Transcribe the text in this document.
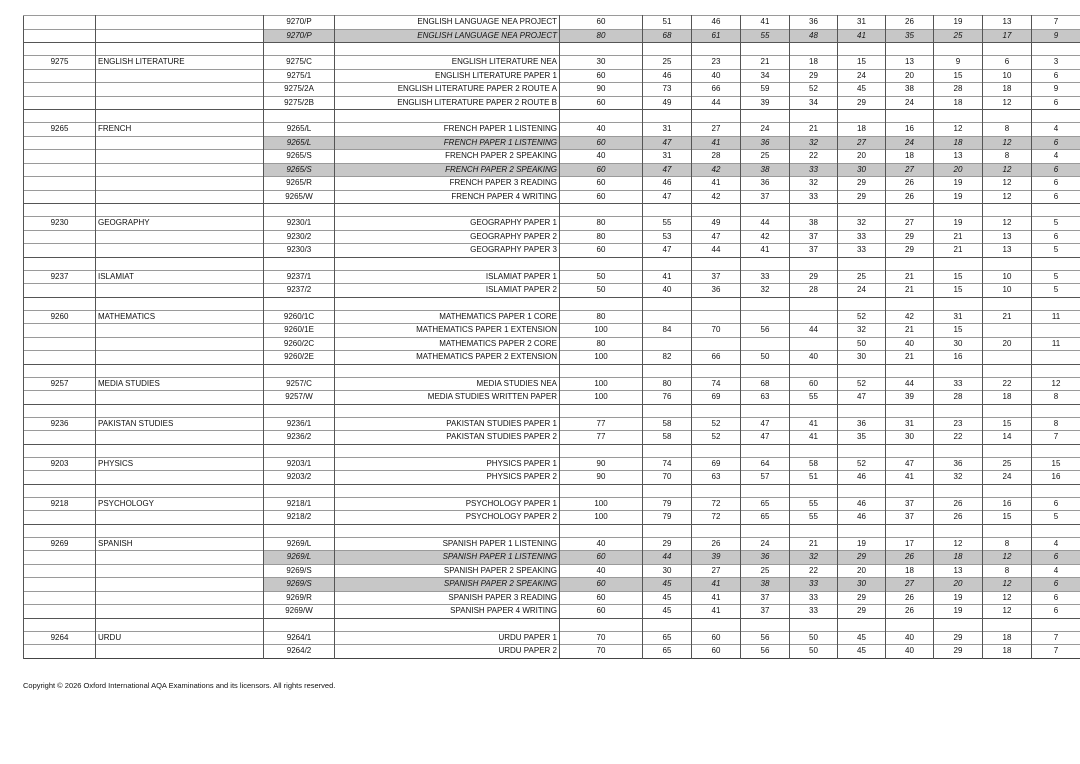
		9270/P	ENGLISH LANGUAGE NEA PROJECT	60	51	46	41	36	31	26	19	13	7
		9270/P	ENGLISH LANGUAGE NEA PROJECT	80	68	61	55	48	41	35	25	17	9

9275	ENGLISH LITERATURE	9275/C	ENGLISH LITERATURE NEA	30	25	23	21	18	15	13	9	6	3
		9275/1	ENGLISH LITERATURE PAPER 1	60	46	40	34	29	24	20	15	10	6
		9275/2A	ENGLISH LITERATURE PAPER 2 ROUTE A	90	73	66	59	52	45	38	28	18	9
		9275/2B	ENGLISH LITERATURE PAPER 2 ROUTE B	60	49	44	39	34	29	24	18	12	6

9265	FRENCH	9265/L	FRENCH PAPER 1 LISTENING	40	31	27	24	21	18	16	12	8	4
		9265/L	FRENCH PAPER 1 LISTENING	60	47	41	36	32	27	24	18	12	6
		9265/S	FRENCH PAPER 2 SPEAKING	40	31	28	25	22	20	18	13	8	4
		9265/S	FRENCH PAPER 2 SPEAKING	60	47	42	38	33	30	27	20	12	6
		9265/R	FRENCH PAPER 3 READING	60	46	41	36	32	29	26	19	12	6
		9265/W	FRENCH PAPER 4 WRITING	60	47	42	37	33	29	26	19	12	6

9230	GEOGRAPHY	9230/1	GEOGRAPHY PAPER 1	80	55	49	44	38	32	27	19	12	5
		9230/2	GEOGRAPHY PAPER 2	80	53	47	42	37	33	29	21	13	6
		9230/3	GEOGRAPHY PAPER 3	60	47	44	41	37	33	29	21	13	5

9237	ISLAMIAT	9237/1	ISLAMIAT PAPER 1	50	41	37	33	29	25	21	15	10	5
		9237/2	ISLAMIAT PAPER 2	50	40	36	32	28	24	21	15	10	5

9260	MATHEMATICS	9260/1C	MATHEMATICS PAPER 1 CORE	80					52	42	31	21	11
		9260/1E	MATHEMATICS PAPER 1 EXTENSION	100	84	70	56	44	32	21	15		
		9260/2C	MATHEMATICS PAPER 2 CORE	80					50	40	30	20	11
		9260/2E	MATHEMATICS PAPER 2 EXTENSION	100	82	66	50	40	30	21	16		

9257	MEDIA STUDIES	9257/C	MEDIA STUDIES NEA	100	80	74	68	60	52	44	33	22	12
		9257/W	MEDIA STUDIES WRITTEN PAPER	100	76	69	63	55	47	39	28	18	8

9236	PAKISTAN STUDIES	9236/1	PAKISTAN STUDIES PAPER 1	77	58	52	47	41	36	31	23	15	8
		9236/2	PAKISTAN STUDIES PAPER 2	77	58	52	47	41	35	30	22	14	7

9203	PHYSICS	9203/1	PHYSICS PAPER 1	90	74	69	64	58	52	47	36	25	15
		9203/2	PHYSICS PAPER 2	90	70	63	57	51	46	41	32	24	16

9218	PSYCHOLOGY	9218/1	PSYCHOLOGY PAPER 1	100	79	72	65	55	46	37	26	16	6
		9218/2	PSYCHOLOGY PAPER 2	100	79	72	65	55	46	37	26	15	5

9269	SPANISH	9269/L	SPANISH PAPER 1 LISTENING	40	29	26	24	21	19	17	12	8	4
		9269/L	SPANISH PAPER 1 LISTENING	60	44	39	36	32	29	26	18	12	6
		9269/S	SPANISH PAPER 2 SPEAKING	40	30	27	25	22	20	18	13	8	4
		9269/S	SPANISH PAPER 2 SPEAKING	60	45	41	38	33	30	27	20	12	6
		9269/R	SPANISH PAPER 3 READING	60	45	41	37	33	29	26	19	12	6
		9269/W	SPANISH PAPER 4 WRITING	60	45	41	37	33	29	26	19	12	6

9264	URDU	9264/1	URDU PAPER 1	70	65	60	56	50	45	40	29	18	7
		9264/2	URDU PAPER 2	70	65	60	56	50	45	40	29	18	7
Copyright © 2026 Oxford International AQA Examinations and its licensors. All rights reserved.
